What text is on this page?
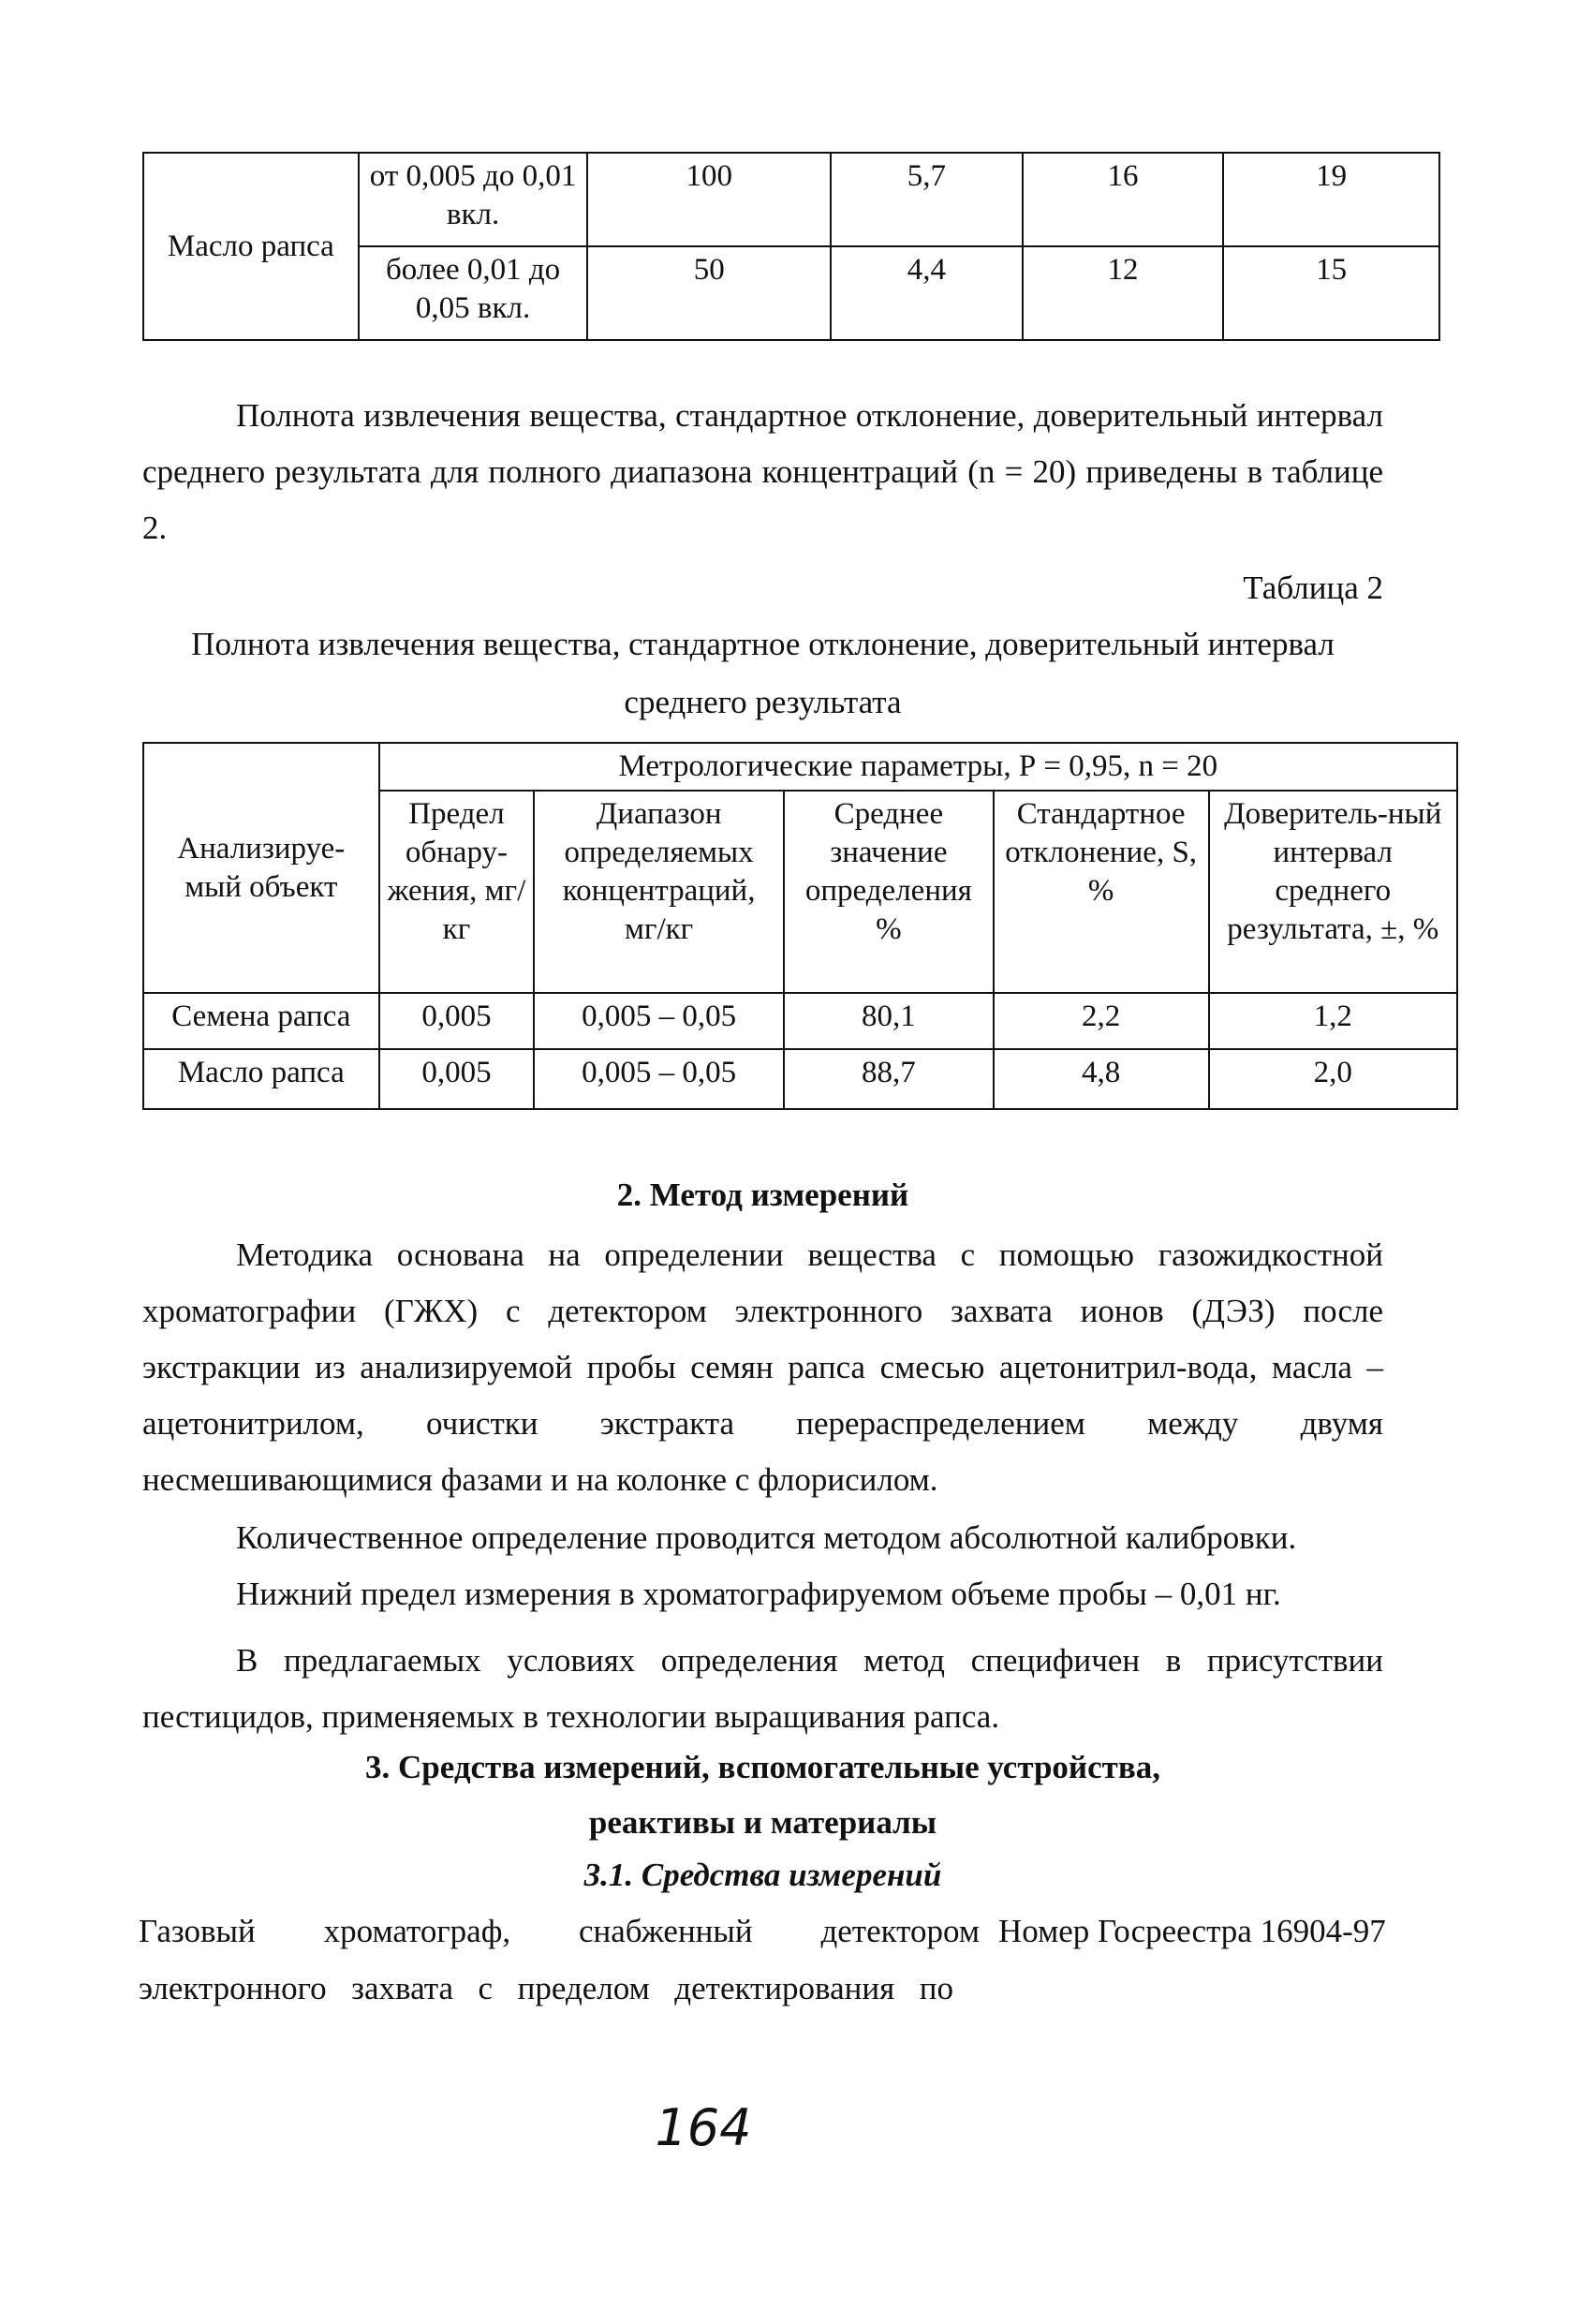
Масло рапса	от 0,005 до 0,01 вкл.	100	5,7	16	19
	более 0,01 до 0,05 вкл.	50	4,4	12	15
Полнота извлечения вещества, стандартное отклонение, доверительный интервал среднего результата для полного диапазона концентраций (n = 20) приведены в таблице 2.
Таблица 2
Полнота извлечения вещества, стандартное отклонение, доверительный интервал
среднего результата
Анализируе-мый объект	Метрологические параметры, Р = 0,95, n = 20				
	Предел обнару-жения, мг/кг	Диапазон определяемых концентраций, мг/кг	Среднее значение определения %	Стандартное отклонение, S, %	Доверитель-ный интервал среднего результата, ±, %
Семена рапса	0,005	0,005 – 0,05	80,1	2,2	1,2
Масло рапса	0,005	0,005 – 0,05	88,7	4,8	2,0
2. Метод измерений
Методика основана на определении вещества с помощью газожидкостной хроматографии (ГЖХ) с детектором электронного захвата ионов (ДЭЗ) после экстракции из анализируемой пробы семян рапса смесью ацетонитрил-вода, масла – ацетонитрилом, очистки экстракта перераспределением между двумя несмешивающимися фазами и на колонке с флорисилом.
Количественное определение проводится методом абсолютной калибровки.
Нижний предел измерения в хроматографируемом объеме пробы – 0,01 нг.
В предлагаемых условиях определения метод специфичен в присутствии пестицидов, применяемых в технологии выращивания рапса.
3. Средства измерений, вспомогательные устройства,
реактивы и материалы
3.1. Средства измерений
Газовый хроматограф, снабженный детектором
электронного захвата с пределом детектирования по
Номер Госреестра 16904-97
164
